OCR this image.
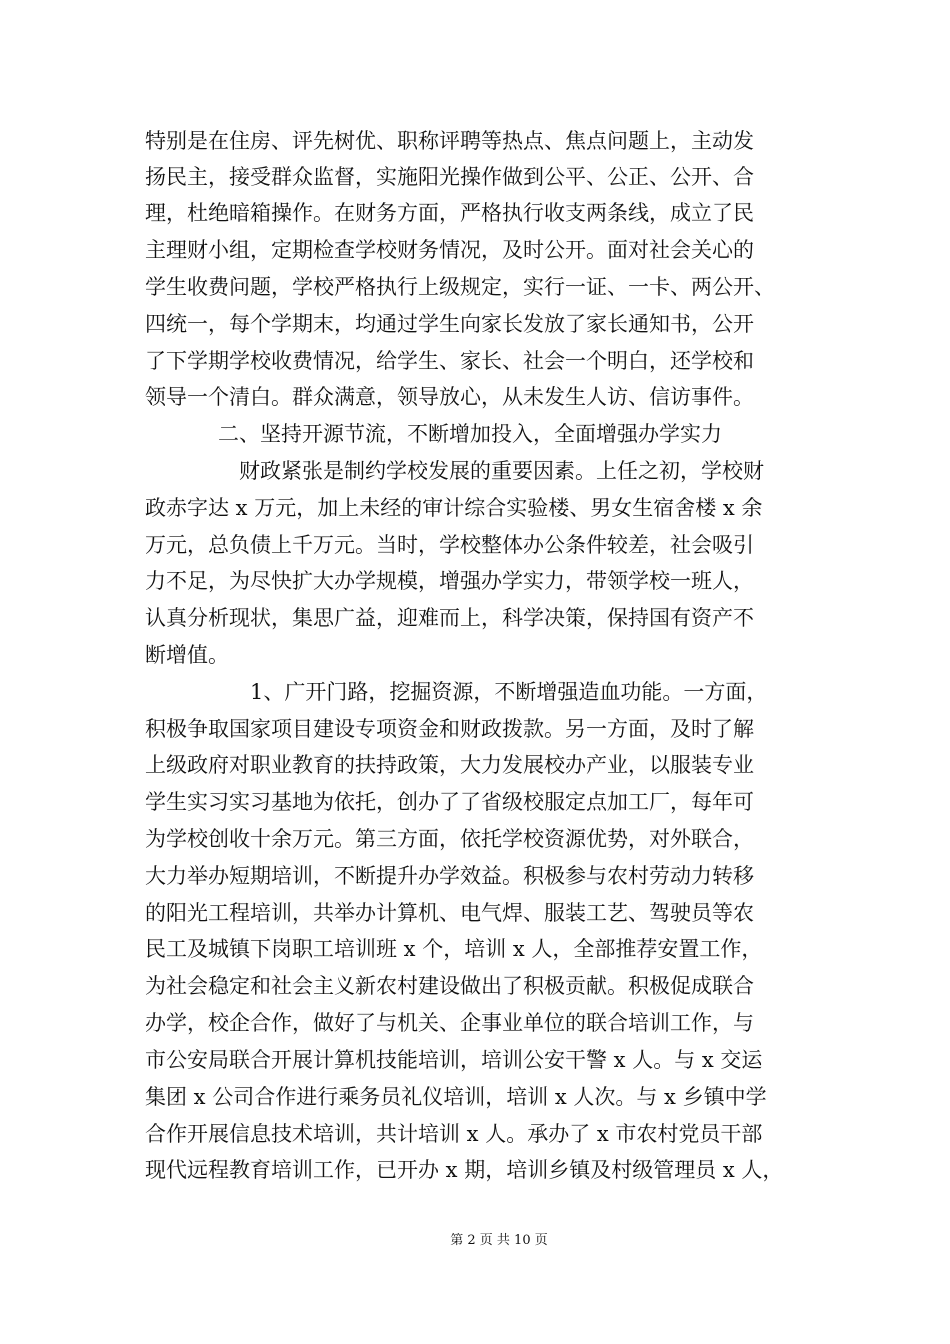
特别是在住房、评先树优、职称评聘等热点、焦点问题上，主动发
扬民主，接受群众监督，实施阳光操作做到公平、公正、公开、合
理，杜绝暗箱操作。在财务方面，严格执行收支两条线，成立了民
主理财小组，定期检查学校财务情况，及时公开。面对社会关心的
学生收费问题，学校严格执行上级规定，实行一证、一卡、两公开、
四统一，每个学期末，均通过学生向家长发放了家长通知书，公开
了下学期学校收费情况，给学生、家长、社会一个明白，还学校和
领导一个清白。群众满意，领导放心，从未发生人访、信访事件。
二、坚持开源节流，不断增加投入，全面增强办学实力
财政紧张是制约学校发展的重要因素。上任之初，学校财
政赤字达 x 万元，加上未经的审计综合实验楼、男女生宿舍楼 x 余
万元，总负债上千万元。当时，学校整体办公条件较差，社会吸引
力不足，为尽快扩大办学规模，增强办学实力，带领学校一班人，
认真分析现状，集思广益，迎难而上，科学决策，保持国有资产不
断增值。
1、广开门路，挖掘资源，不断增强造血功能。一方面，
积极争取国家项目建设专项资金和财政拨款。另一方面，及时了解
上级政府对职业教育的扶持政策，大力发展校办产业，以服装专业
学生实习实习基地为依托，创办了了省级校服定点加工厂，每年可
为学校创收十余万元。第三方面，依托学校资源优势，对外联合，
大力举办短期培训，不断提升办学效益。积极参与农村劳动力转移
的阳光工程培训，共举办计算机、电气焊、服装工艺、驾驶员等农
民工及城镇下岗职工培训班 x 个，培训 x 人，全部推荐安置工作，
为社会稳定和社会主义新农村建设做出了积极贡献。积极促成联合
办学，校企合作，做好了与机关、企事业单位的联合培训工作，与
市公安局联合开展计算机技能培训，培训公安干警 x 人。与 x 交运
集团 x 公司合作进行乘务员礼仪培训，培训 x 人次。与 x 乡镇中学
合作开展信息技术培训，共计培训 x 人。承办了 x 市农村党员干部
现代远程教育培训工作，已开办 x 期，培训乡镇及村级管理员 x 人，
第 2 页 共 10 页
